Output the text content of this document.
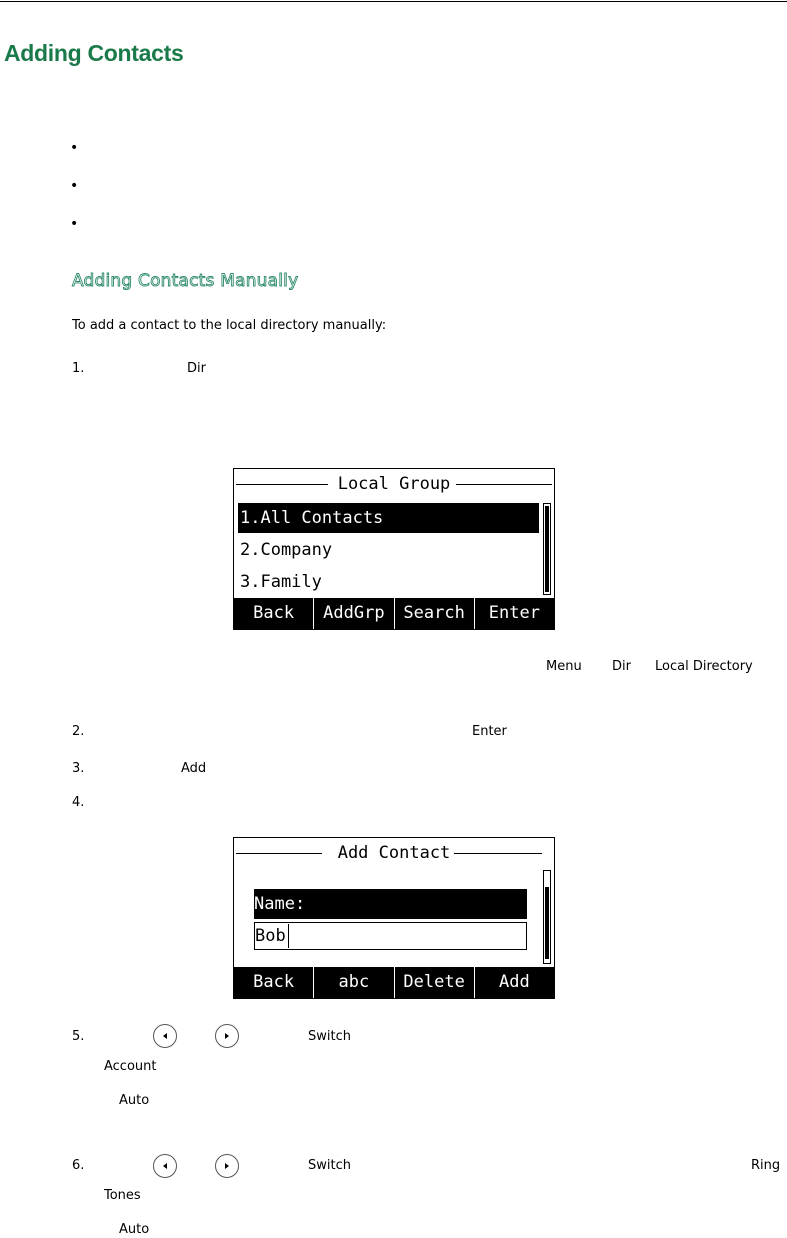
Adding Contacts
•
•
•
Adding Contacts Manually
To add a contact to the local directory manually:
1.	Dir
Local Group
1.All Contacts
2.Company
3.Family
Back	AddGrp	Search	Enter
Menu Dir Local Directory
2.	Enter
3.	Add
4.
Add Contact
Name:
Bob
Back	abc	Delete	Add
5.	Switch
Account
Auto
6.	Switch	Ring
Tones
Auto
